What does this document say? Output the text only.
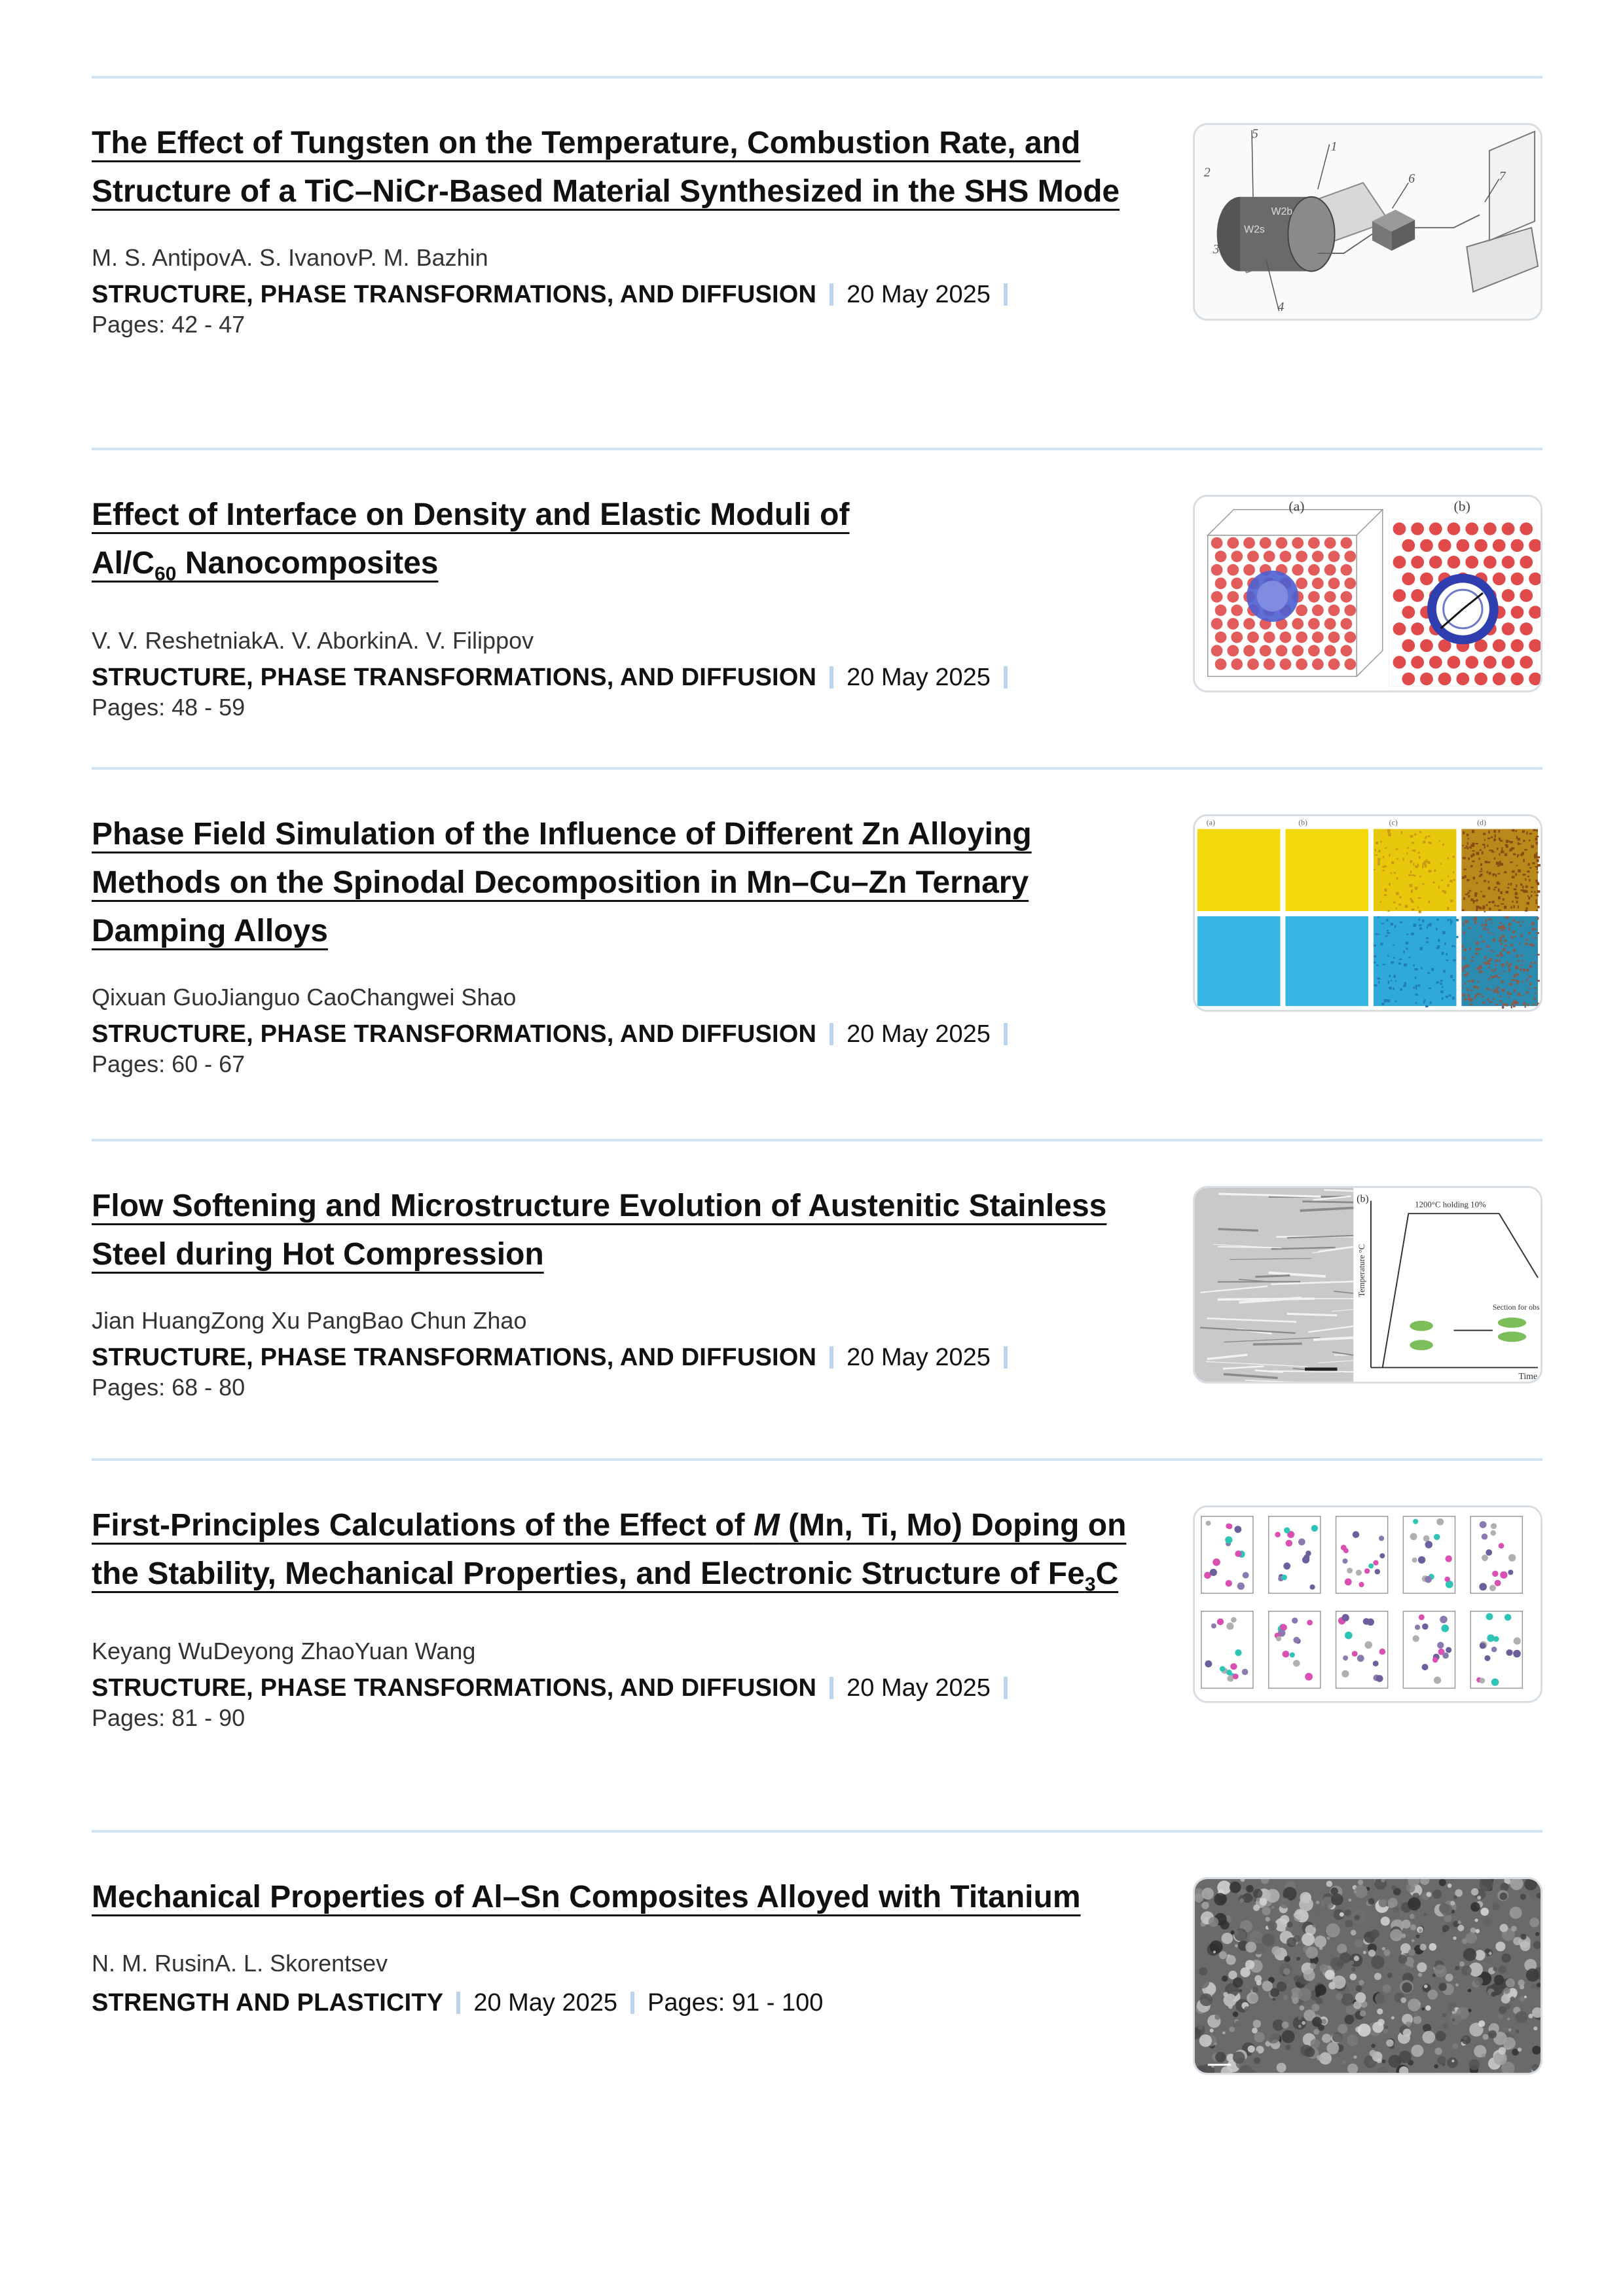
The Effect of Tungsten on the Temperature, Combustion Rate, and Structure of a TiC–NiCr-Based Material Synthesized in the SHS Mode

M. S. AntipovA. S. IvanovP. M. Bazhin

STRUCTURE, PHASE TRANSFORMATIONS, AND DIFFUSION 20 May 2025
Pages: 42 - 47
2
5
1
6	7
3
4
W2b
W2s
Effect of Interface on Density and Elastic Moduli of $Al/C_{60}$ Nanocomposites

V. V. ReshetniakA. V. AborkinA. V. Filippov

STRUCTURE, PHASE TRANSFORMATIONS, AND DIFFUSION 20 May 2025
Pages: 48 - 59
(a)	(b)
Phase Field Simulation of the Influence of Different Zn Alloying Methods on the Spinodal Decomposition in Mn–Cu–Zn Ternary Damping Alloys

Qixuan GuoJianguo CaoChangwei Shao

STRUCTURE, PHASE TRANSFORMATIONS, AND DIFFUSION 20 May 2025
Pages: 60 - 67
(a)	(b)	(c)	(d)
Flow Softening and Microstructure Evolution of Austenitic Stainless Steel during Hot Compression

Jian HuangZong Xu PangBao Chun Zhao

STRUCTURE, PHASE TRANSFORMATIONS, AND DIFFUSION 20 May 2025
Pages: 68 - 80
(b)	1200°C holding 10%
Temperature °C
Time
Section for obs
First-Principles Calculations of the Effect of M (Mn, Ti, Mo) Doping on the Stability, Mechanical Properties, and Electronic Structure of $Fe_3C$

Keyang WuDeyong ZhaoYuan Wang

STRUCTURE, PHASE TRANSFORMATIONS, AND DIFFUSION 20 May 2025
Pages: 81 - 90
Mechanical Properties of Al–Sn Composites Alloyed with Titanium

N. M. RusinA. L. Skorentsev

STRENGTH AND PLASTICITY 20 May 2025 Pages: 91 - 100
